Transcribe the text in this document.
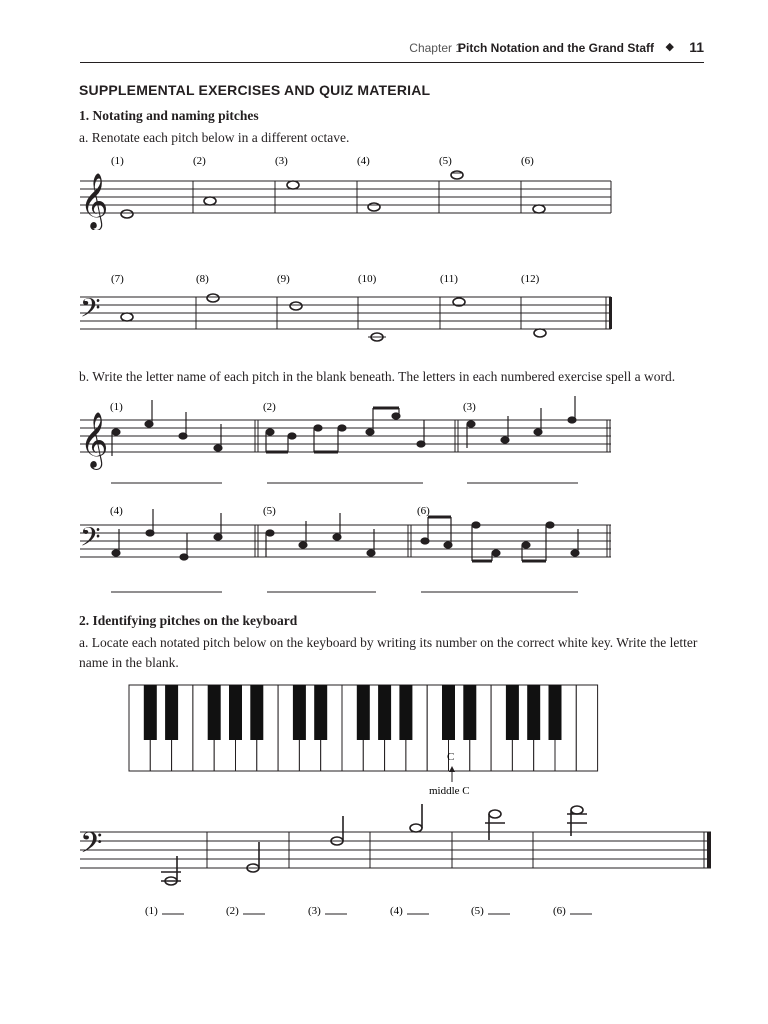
Chapter 1
Pitch Notation and the Grand Staff ◆ 11
SUPPLEMENTAL EXERCISES AND QUIZ MATERIAL
1. Notating and naming pitches
a. Renotate each pitch below in a different octave.
(1)	(2)	(3)	(4)	(5)	(6)
𝄞
(7)	(8)	(9)	(10)	(11)	(12)
𝄢
b. Write the letter name of each pitch in the blank beneath. The letters in each numbered exercise spell a word.
(1)	(2)	(3)
𝄞
(4)	(5)	(6)
𝄢
2. Identifying pitches on the keyboard
a. Locate each notated pitch below on the keyboard by writing its number on the correct white key. Write the letter name in the blank.
C
middle C
𝄢
(1)	(2)	(3)	(4)	(5)	(6)
